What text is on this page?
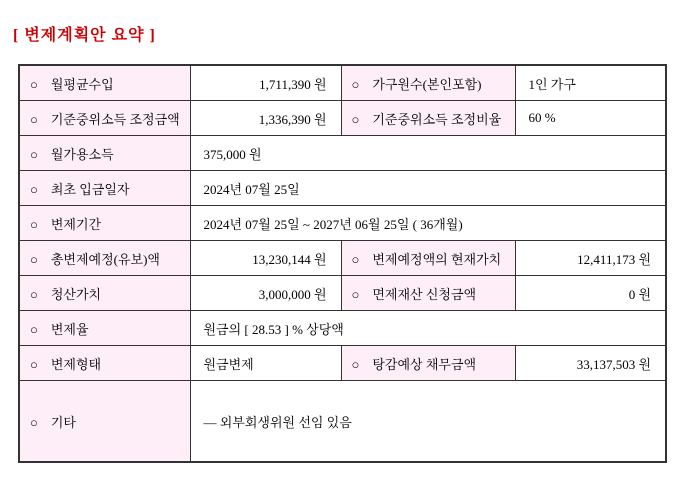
[ 변제계획안 요약 ]
○　월평균수입	1,711,390 원	○　가구원수(본인포함)	1인 가구
○　기준중위소득 조정금액	1,336,390 원	○　기준중위소득 조정비율	60 %
○　월가용소득	375,000 원		
○　최초 입금일자	2024년 07월 25일		
○　변제기간	2024년 07월 25일 ~ 2027년 06월 25일 ( 36개월)		
○　총변제예정(유보)액	13,230,144 원	○　변제예정액의 현재가치	12,411,173 원
○　청산가치	3,000,000 원	○　면제재산 신청금액	0 원
○　변제율	원금의 [ 28.53 ] % 상당액		
○　변제형태	원금변제	○　탕감예상 채무금액	33,137,503 원
○　기타	― 외부회생위원 선임 있음		
